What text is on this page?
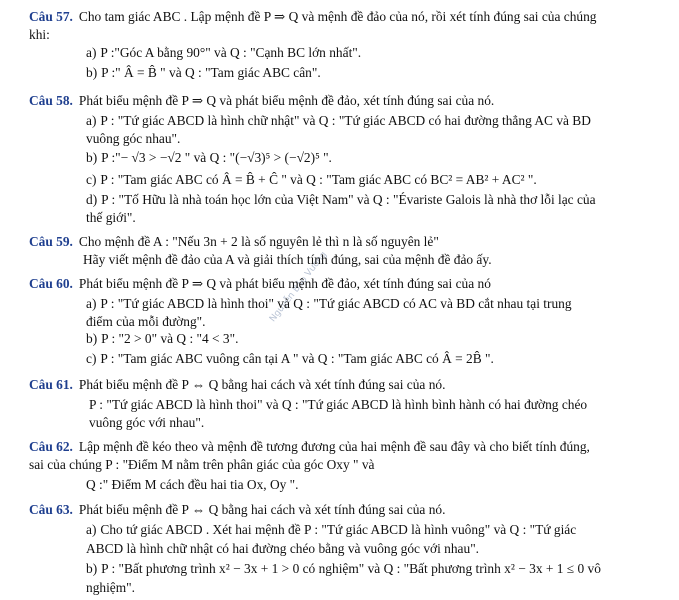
Nguyễn Bảo Vương
Câu 57. Cho tam giác ABC . Lập mệnh đề P ⇒ Q và mệnh đề đảo của nó, rồi xét tính đúng sai của chúng
khi:
a) P :"Góc A bằng 90°" và Q : "Cạnh BC lớn nhất".
b) P :" Â = B̂ " và Q : "Tam giác ABC cân".
Câu 58. Phát biểu mệnh đề P ⇒ Q và phát biểu mệnh đề đảo, xét tính đúng sai của nó.
a) P : "Tứ giác ABCD là hình chữ nhật" và Q : "Tứ giác ABCD có hai đường thẳng AC và BD
vuông góc nhau".
b) P :"− √3 > −√2 " và Q : "(−√3)⁵ > (−√2)⁵ ".
c) P : "Tam giác ABC có Â = B̂ + Ĉ " và Q : "Tam giác ABC có BC² = AB² + AC² ".
d) P : "Tố Hữu là nhà toán học lớn của Việt Nam" và Q : "Évariste Galois là nhà thơ lỗi lạc của
thế giới".
Câu 59. Cho mệnh đề A : "Nếu 3n + 2 là số nguyên lẻ thì n là số nguyên lẻ"
Hãy viết mệnh đề đảo của A và giải thích tính đúng, sai của mệnh đề đảo ấy.
Câu 60. Phát biểu mệnh đề P ⇒ Q và phát biểu mệnh đề đảo, xét tính đúng sai của nó
a) P : "Tứ giác ABCD là hình thoi" và Q : "Tứ giác ABCD có AC và BD cắt nhau tại trung
điểm của mỗi đường".
b) P : "2 > 0" và Q : "4 < 3".
c) P : "Tam giác ABC vuông cân tại A " và Q : "Tam giác ABC có Â = 2B̂ ".
Câu 61. Phát biểu mệnh đề P ⇔ Q bằng hai cách và xét tính đúng sai của nó.
P : "Tứ giác ABCD là hình thoi" và Q : "Tứ giác ABCD là hình bình hành có hai đường chéo
vuông góc với nhau".
Câu 62. Lập mệnh đề kéo theo và mệnh đề tương đương của hai mệnh đề sau đây và cho biết tính đúng,
sai của chúng P : "Điểm M nằm trên phân giác của góc Oxy " và
Q :" Điểm M cách đều hai tia Ox, Oy ".
Câu 63. Phát biểu mệnh đề P ⇔ Q bằng hai cách và xét tính đúng sai của nó.
a) Cho tứ giác ABCD . Xét hai mệnh đề P : "Tứ giác ABCD là hình vuông" và Q : "Tứ giác
ABCD là hình chữ nhật có hai đường chéo bằng và vuông góc với nhau".
b) P : "Bất phương trình x² − 3x + 1 > 0 có nghiệm" và Q : "Bất phương trình x² − 3x + 1 ≤ 0 vô
nghiệm".
